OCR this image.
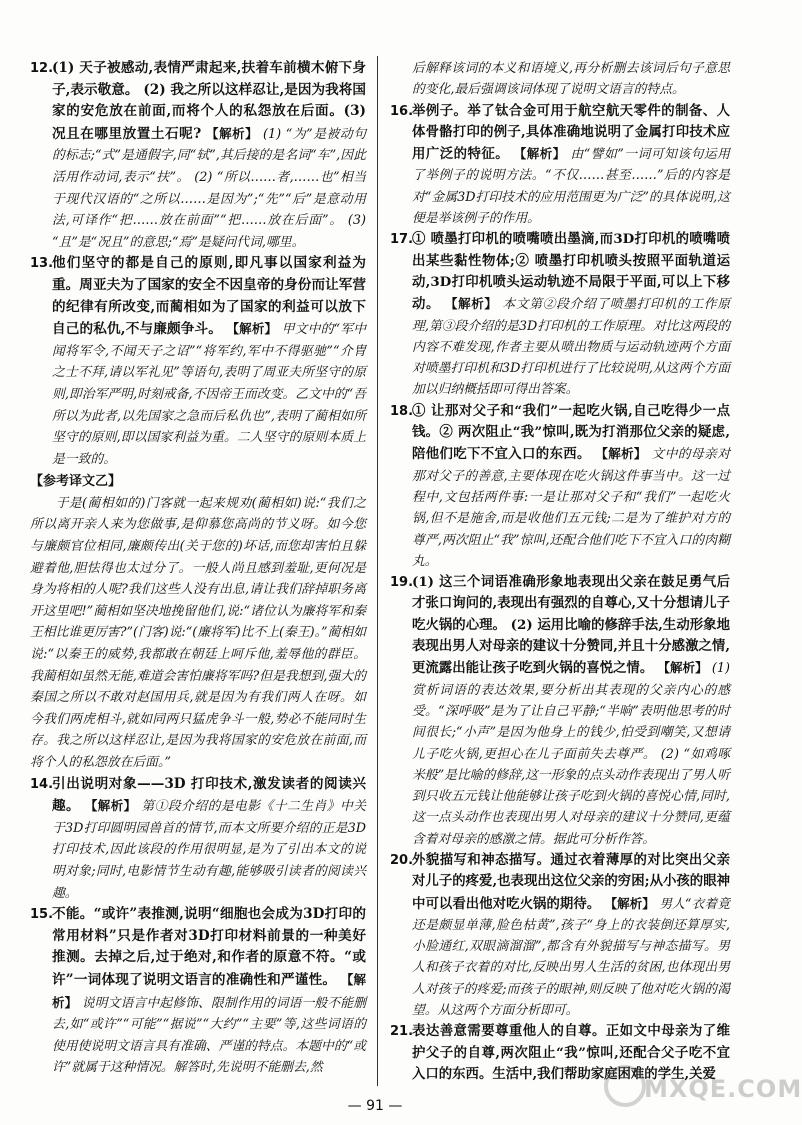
12.
(1) 天子被感动,表情严肃起来,扶着车前横木俯下身子,表示敬意。 (2) 我之所以这样忍让,是因为我将国家的安危放在前面,而将个人的私怨放在后面。(3) 况且在哪里放置土石呢? 【解析】 (1) “为”是被动句的标志;“式”是通假字,同“轼”,其后接的是名词“车”,因此活用作动词,表示“扶”。 (2) “所以……者,……也”相当于现代汉语的“之所以……是因为”;“先”“后”是意动用法,可译作“把……放在前面”“把……放在后面”。 (3) “且”是“况且”的意思;“焉”是疑问代词,哪里。
13.
他们坚守的都是自己的原则,即凡事以国家利益为重。周亚夫为了国家的安全不因皇帝的身份而让军营的纪律有所改变,而蔺相如为了国家的利益可以放下自己的私仇,不与廉颇争斗。 【解析】 甲文中的“军中闻将军令,不闻天子之诏”“将军约,军中不得驱驰”“介胄之士不拜,请以军礼见”等语句,表明了周亚夫所坚守的原则,即治军严明,时刻戒备,不因帝王而改变。乙文中的“吾所以为此者,以先国家之急而后私仇也”,表明了蔺相如所坚守的原则,即以国家利益为重。二人坚守的原则本质上是一致的。
【参考译文乙】
于是(蔺相如的)门客就一起来规劝(蔺相如)说:“我们之所以离开亲人来为您做事,是仰慕您高尚的节义呀。如今您与廉颇官位相同,廉颇传出(关于您的)坏话,而您却害怕且躲避着他,胆怯得也太过分了。一般人尚且感到羞耻,更何况是身为将相的人呢?我们这些人没有出息,请让我们辞掉职务离开这里吧!”蔺相如坚决地挽留他们,说:“诸位认为廉将军和秦王相比谁更厉害?”(门客)说:“(廉将军)比不上(秦王)。”蔺相如说:“以秦王的威势,我都敢在朝廷上呵斥他,羞辱他的群臣。我蔺相如虽然无能,难道会害怕廉将军吗?但是我想到,强大的秦国之所以不敢对赵国用兵,就是因为有我们两人在呀。如今我们两虎相斗,就如同两只猛虎争斗一般,势必不能同时生存。我之所以这样忍让,是因为我将国家的安危放在前面,而将个人的私怨放在后面。”
14.
引出说明对象——3D 打印技术,激发读者的阅读兴趣。 【解析】 第①段介绍的是电影《十二生肖》中关于3D打印圆明园兽首的情节,而本文所要介绍的正是3D打印技术,因此该段的作用很明显,是为了引出本文的说明对象;同时,电影情节生动有趣,能够吸引读者的阅读兴趣。
15.
不能。“或许”表推测,说明“细胞也会成为3D打印的常用材料”只是作者对3D打印材料前景的一种美好推测。去掉之后,过于绝对,和作者的原意不符。“或许”一词体现了说明文语言的准确性和严谨性。 【解析】 说明文语言中起修饰、限制作用的词语一般不能删去,如“或许”“可能”“据说”“大约”“主要”等,这些词语的使用使说明文语言具有准确、严谨的特点。本题中的“或许”就属于这种情况。解答时,先说明不能删去,然
后解释该词的本义和语境义,再分析删去该词后句子意思的变化,最后强调该词体现了说明文语言的特点。
16.
举例子。举了钛合金可用于航空航天零件的制备、人体骨骼打印的例子,具体准确地说明了金属打印技术应用广泛的特征。 【解析】 由“譬如”一词可知该句运用了举例子的说明方法。“不仅……甚至……”后的内容是对“金属3D打印技术的应用范围更为广泛”的具体说明,这便是举该例子的作用。
17.
① 喷墨打印机的喷嘴喷出墨滴,而3D打印机的喷嘴喷出某些黏性物体;② 喷墨打印机喷头按照平面轨道运动,3D打印机喷头运动轨迹不局限于平面,可以上下移动。 【解析】 本文第②段介绍了喷墨打印机的工作原理,第③段介绍的是3D打印机的工作原理。对比这两段的内容不难发现,作者主要从喷出物质与运动轨迹两个方面对喷墨打印机和3D打印机进行了比较说明,从这两个方面加以归纳概括即可得出答案。
18.
① 让那对父子和“我们”一起吃火锅,自己吃得少一点钱。② 两次阻止“我”惊叫,既为打消那位父亲的疑虑,陪他们吃下不宜入口的东西。 【解析】 文中的母亲对那对父子的善意,主要体现在吃火锅这件事当中。这一过程中,文包括两件事:一是让那对父子和“我们”一起吃火锅,但不是施舍,而是收他们五元钱;二是为了维护对方的尊严,两次阻止“我”惊叫,还配合他们吃下不宜入口的肉糊丸。
19.
(1) 这三个词语准确形象地表现出父亲在鼓足勇气后才张口询问的,表现出有强烈的自尊心,又十分想请儿子吃火锅的心理。 (2) 运用比喻的修辞手法,生动形象地表现出男人对母亲的建议十分赞同,并且十分感激之情,更流露出能让孩子吃到火锅的喜悦之情。 【解析】 (1) 赏析词语的表达效果,要分析出其表现的父亲内心的感受。“深呼吸”是为了让自己平静;“半晌”表明他思考的时间很长;“小声”是因为他身上的钱少,怕受到嘲笑,又想请儿子吃火锅,更担心在儿子面前失去尊严。 (2) “如鸡啄米般”是比喻的修辞,这一形象的点头动作表现出了男人听到只收五元钱让他能够让孩子吃到火锅的喜悦心情,同时,这一点头动作也表现出男人对母亲的建议十分赞同,更蕴含着对母亲的感激之情。据此可分析作答。
20.
外貌描写和神态描写。通过衣着薄厚的对比突出父亲对儿子的疼爱,也表现出这位父亲的穷困;从小孩的眼神中可以看出他对吃火锅的期待。 【解析】 男人“衣着竟还是颇显单薄,脸色枯黄”,孩子“身上的衣装倒还算厚实,小脸通红,双眼滴溜溜”,都含有外貌描写与神态描写。男人和孩子衣着的对比,反映出男人生活的贫困,也体现出男人对孩子的疼爱;而孩子的眼神,则反映了他对吃火锅的渴望。从这两个方面分析即可。
21.
表达善意需要尊重他人的自尊。正如文中母亲为了维护父子的自尊,两次阻止“我”惊叫,还配合父子吃不宜入口的东西。生活中,我们帮助家庭困难的学生,关爱
— 91 —
MXQE.COM
